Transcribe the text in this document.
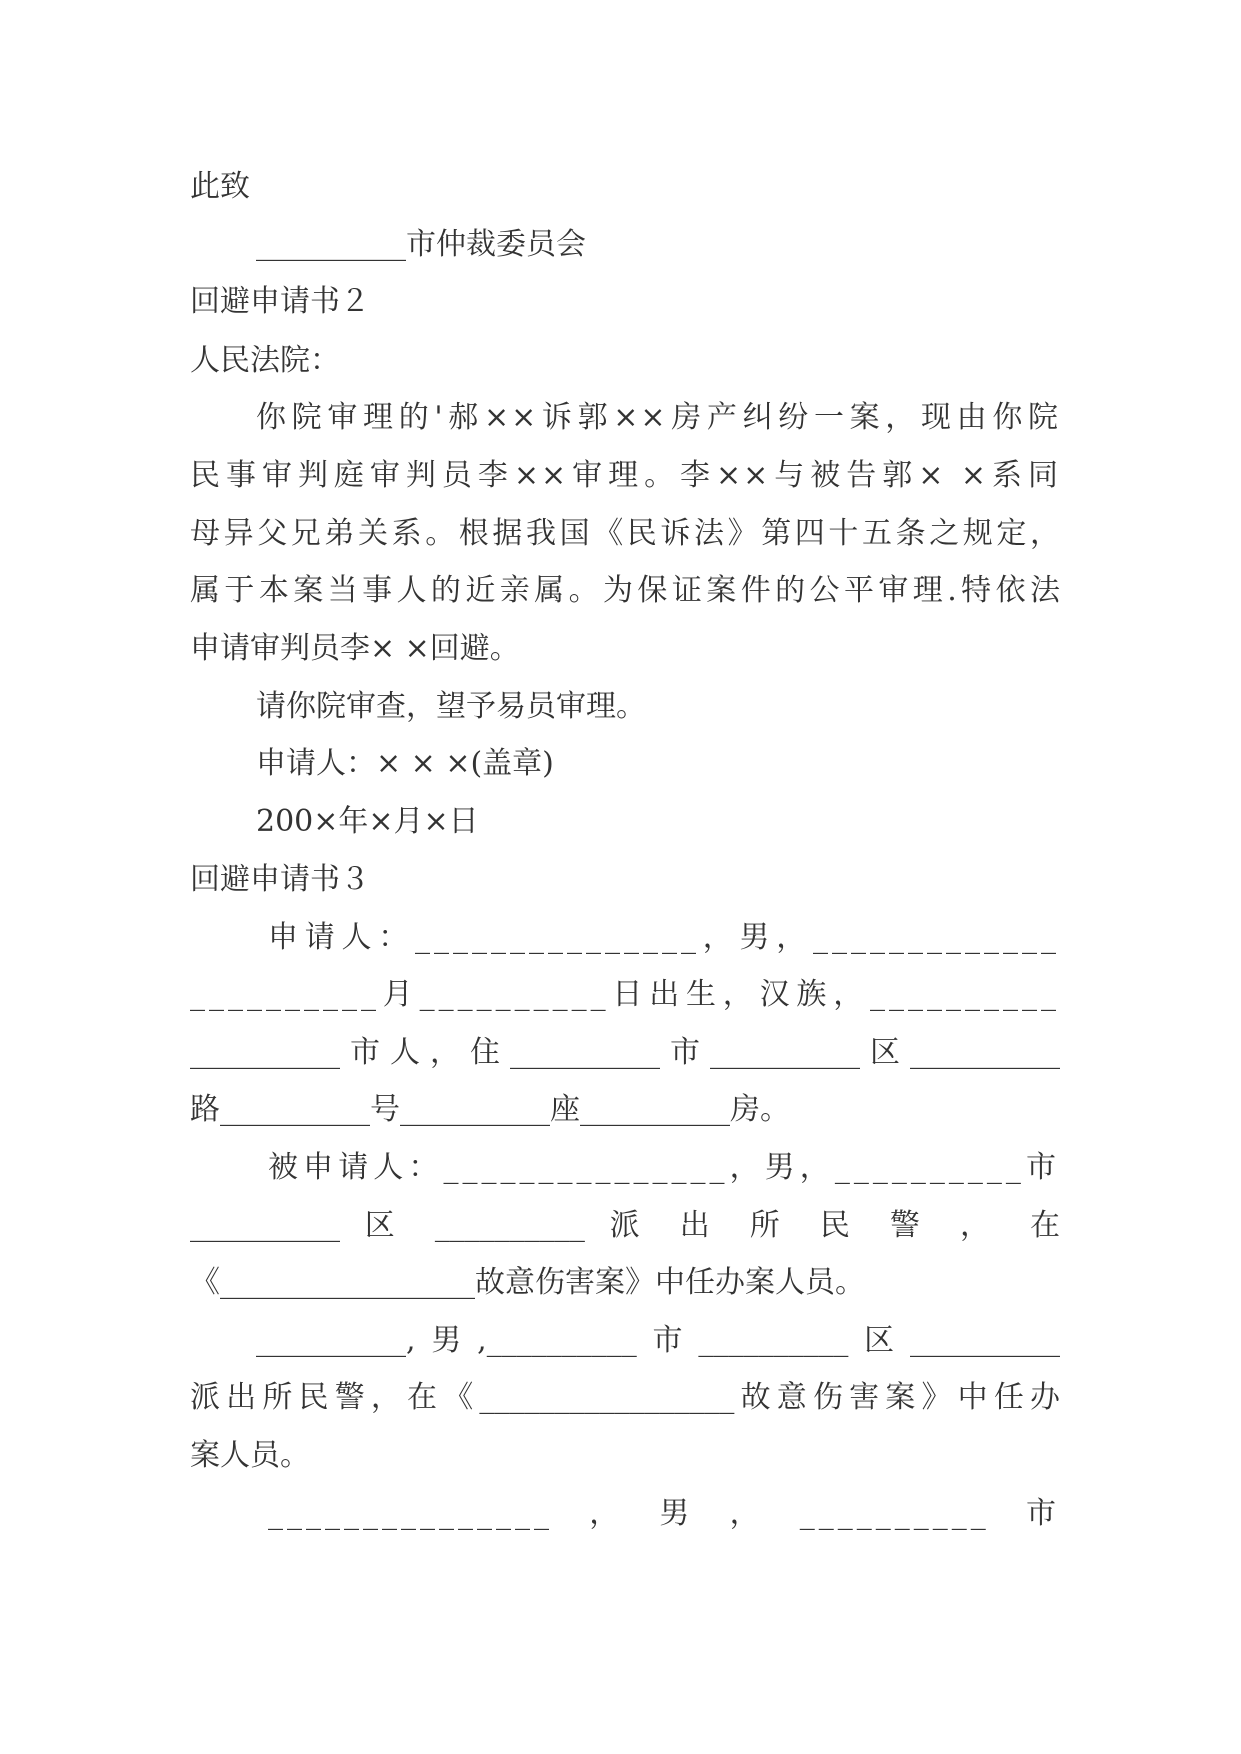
此致
__________市仲裁委员会
回避申请书２
人民法院：
你院审理的'郝××诉郭××房产纠纷一案，现由你院
民事审判庭审判员李××审理。李××与被告郭× ×系同
母异父兄弟关系。根据我国《民诉法》第四十五条之规定，
属于本案当事人的近亲属。为保证案件的公平审理.特依法
申请审判员李× ×回避。
请你院审查，望予易员审理。
申请人：× × ×(盖章)
200×年×月×日
回避申请书３
申请人：_______________，男，_____________
__________月__________日出生，汉族，__________
__________市人，住__________市__________区__________
路__________号__________座__________房。
被申请人：_______________，男，__________市
__________ 区 __________ 派 出 所 民 警 ， 在
《_________________故意伤害案》中任办案人员。
__________,男,__________市__________区__________
派出所民警，在《_________________故意伤害案》中任办
案人员。
_______________，男，__________市
